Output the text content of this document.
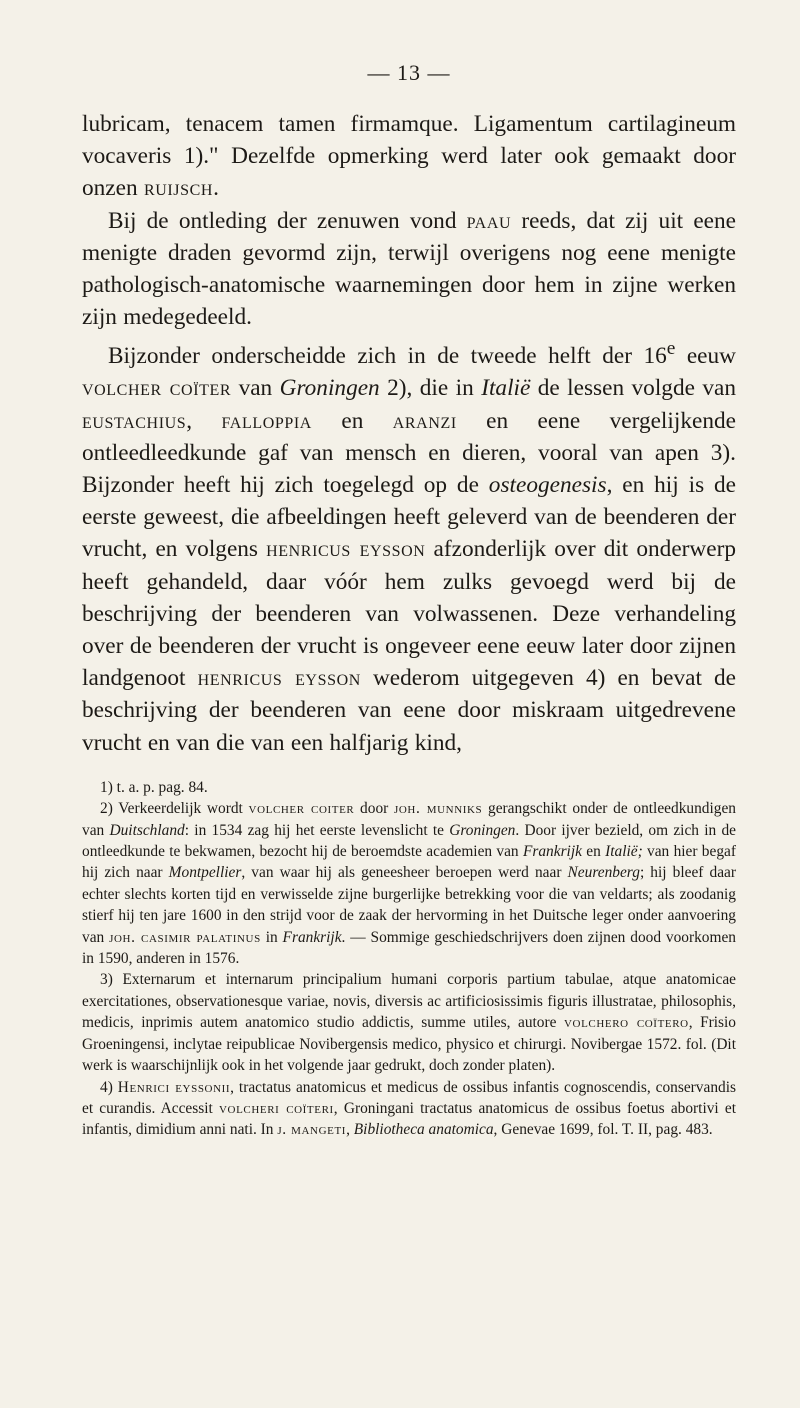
— 13 —

lubricam, tenacem tamen firmamque. Ligamentum cartilagineum vocaveris 1)." Dezelfde opmerking werd later ook gemaakt door onzen ruijsch.

Bij de ontleding der zenuwen vond paau reeds, dat zij uit eene menigte draden gevormd zijn, terwijl overigens nog eene menigte pathologisch-anatomische waarnemingen door hem in zijne werken zijn medegedeeld.

Bijzonder onderscheidde zich in de tweede helft der 16e eeuw volcher coïter van Groningen 2), die in Italië de lessen volgde van eustachius, falloppia en aranzi en eene vergelijkende ontleedleedkunde gaf van mensch en dieren, vooral van apen 3). Bijzonder heeft hij zich toegelegd op de osteogenesis, en hij is de eerste geweest, die afbeeldingen heeft geleverd van de beenderen der vrucht, en volgens henricus eysson afzonderlijk over dit onderwerp heeft gehandeld, daar vóór hem zulks gevoegd werd bij de beschrijving der beenderen van volwassenen. Deze verhandeling over de beenderen der vrucht is ongeveer eene eeuw later door zijnen landgenoot henricus eysson wederom uitgegeven 4) en bevat de beschrijving der beenderen van eene door miskraam uitgedrevene vrucht en van die van een halfjarig kind,

1) t. a. p. pag. 84.

2) Verkeerdelijk wordt volcher coiter door joh. munniks gerangschikt onder de ontleedkundigen van Duitschland: in 1534 zag hij het eerste levenslicht te Groningen. Door ijver bezield, om zich in de ontleedkunde te bekwamen, bezocht hij de beroemdste academien van Frankrijk en Italië; van hier begaf hij zich naar Montpellier, van waar hij als geneesheer beroepen werd naar Neurenberg; hij bleef daar echter slechts korten tijd en verwisselde zijne burgerlijke betrekking voor die van veldarts; als zoodanig stierf hij ten jare 1600 in den strijd voor de zaak der hervorming in het Duitsche leger onder aanvoering van joh. casimir palatinus in Frankrijk. — Sommige geschiedschrijvers doen zijnen dood voorkomen in 1590, anderen in 1576.

3) Externarum et internarum principalium humani corporis partium tabulae, atque anatomicae exercitationes, observationesque variae, novis, diversis ac artificiosissimis figuris illustratae, philosophis, medicis, inprimis autem anatomico studio addictis, summe utiles, autore volchero coïtero, Frisio Groeningensi, inclytae reipublicae Novibergensis medico, physico et chirurgi. Novibergae 1572. fol. (Dit werk is waarschijnlijk ook in het volgende jaar gedrukt, doch zonder platen).

4) Henrici eyssonii, tractatus anatomicus et medicus de ossibus infantis cognoscendis, conservandis et curandis. Accessit volcheri coïteri, Groningani tractatus anatomicus de ossibus foetus abortivi et infantis, dimidium anni nati. In j. mangeti, Bibliotheca anatomica, Genevae 1699, fol. T. II, pag. 483.
